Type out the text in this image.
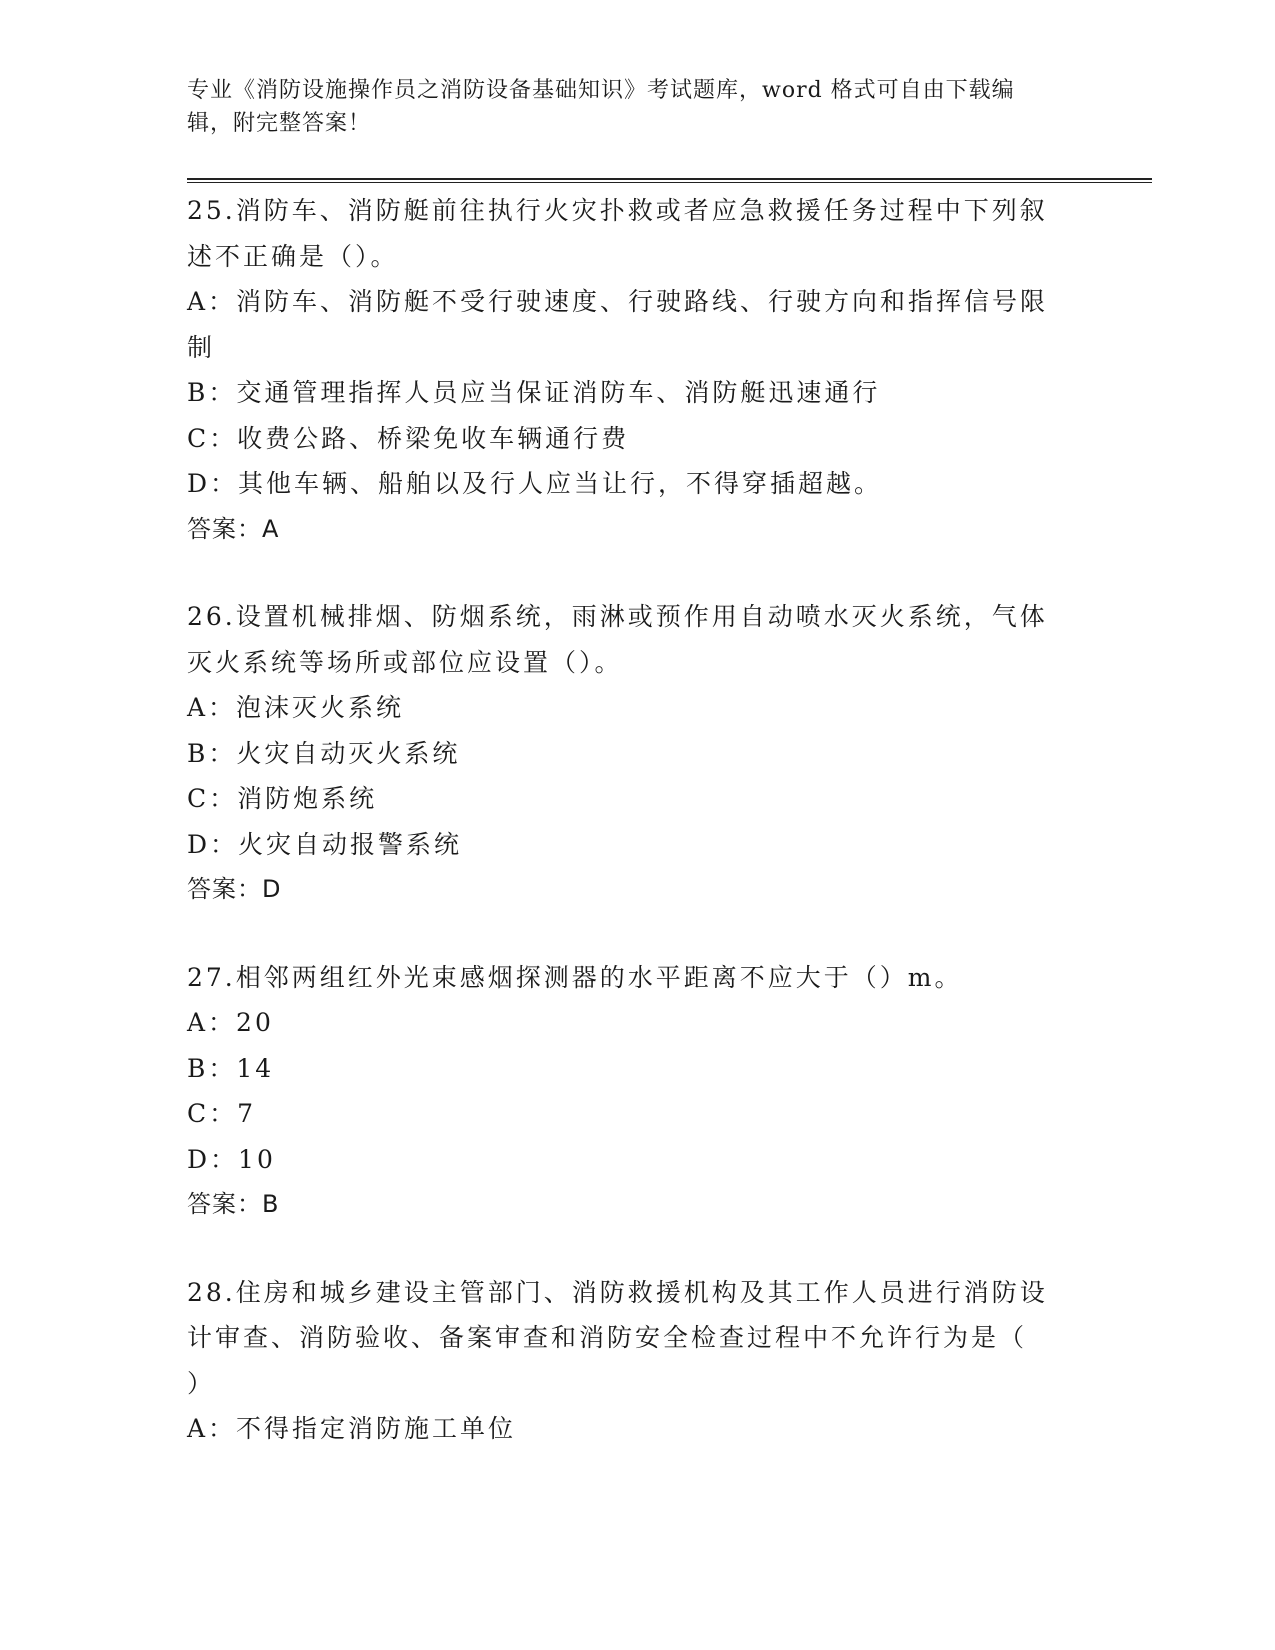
专业《消防设施操作员之消防设备基础知识》考试题库，word 格式可自由下载编
辑，附完整答案！
25.消防车、消防艇前往执行火灾扑救或者应急救援任务过程中下列叙
述不正确是（）。
A：消防车、消防艇不受行驶速度、行驶路线、行驶方向和指挥信号限
制
B：交通管理指挥人员应当保证消防车、消防艇迅速通行
C：收费公路、桥梁免收车辆通行费
D：其他车辆、船舶以及行人应当让行，不得穿插超越。
答案：A
26.设置机械排烟、防烟系统，雨淋或预作用自动喷水灭火系统，气体
灭火系统等场所或部位应设置（）。
A：泡沫灭火系统
B：火灾自动灭火系统
C：消防炮系统
D：火灾自动报警系统
答案：D
27.相邻两组红外光束感烟探测器的水平距离不应大于（）m。
A：20
B：14
C：7
D：10
答案：B
28.住房和城乡建设主管部门、消防救援机构及其工作人员进行消防设
计审查、消防验收、备案审查和消防安全检查过程中不允许行为是（
）
A：不得指定消防施工单位
